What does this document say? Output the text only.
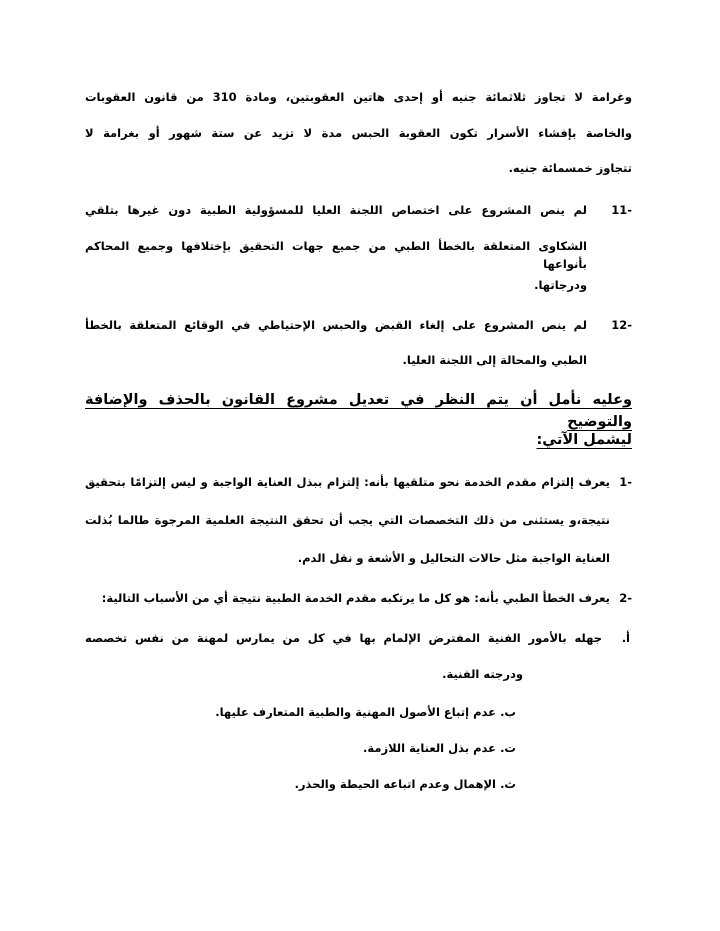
وغرامة لا تجاوز ثلاثمائة جنيه أو إحدى هاتين العقوبتين، ومادة 310 من قانون العقوبات
والخاصة بإفشاء الأسرار تكون العقوبة الحبس مدة لا تزيد عن ستة شهور أو بغرامة لا
تتجاوز خمسمائة جنيه.
11-
لم ينص المشروع على اختصاص اللجنة العليا للمسؤولية الطبية دون غيرها بتلقي
الشكاوى المتعلقة بالخطأ الطبي من جميع جهات التحقيق بإختلافها وجميع المحاكم بأنواعها
ودرجاتها.
12-
لم ينص المشروع على إلغاء القبض والحبس الإحتياطي في الوقائع المتعلقة بالخطأ
الطبي والمحالة إلى اللجنة العليا.
وعليه نأمل أن يتم النظر في تعديل مشروع القانون بالحذف والإضافة والتوضيح
ليشمل الآتي:
1-
يعرف إلتزام مقدم الخدمة نحو متلقيها بأنه: إلتزام ببذل العناية الواجبة و ليس إلتزامًا بتحقيق
نتيجة،و يستثنى من ذلك التخصصات التي يجب أن تحقق النتيجة العلمية المرجوة طالما بُذلت
العناية الواجبة مثل حالات التحاليل و الأشعة و نقل الدم.
2-
يعرف الخطأ الطبي بأنه: هو كل ما يرتكبه مقدم الخدمة الطبية نتيجة أي من الأسباب التالية:
أ.
جهله بالأمور الفنية المفترض الإلمام بها في كل من يمارس لمهنة من نفس تخصصه
ودرجته الفنية.
ب.
عدم إتباع الأصول المهنية والطبية المتعارف عليها.
ت.
عدم بذل العناية اللازمة.
ث.
الإهمال وعدم اتباعه الحيطة والحذر.
